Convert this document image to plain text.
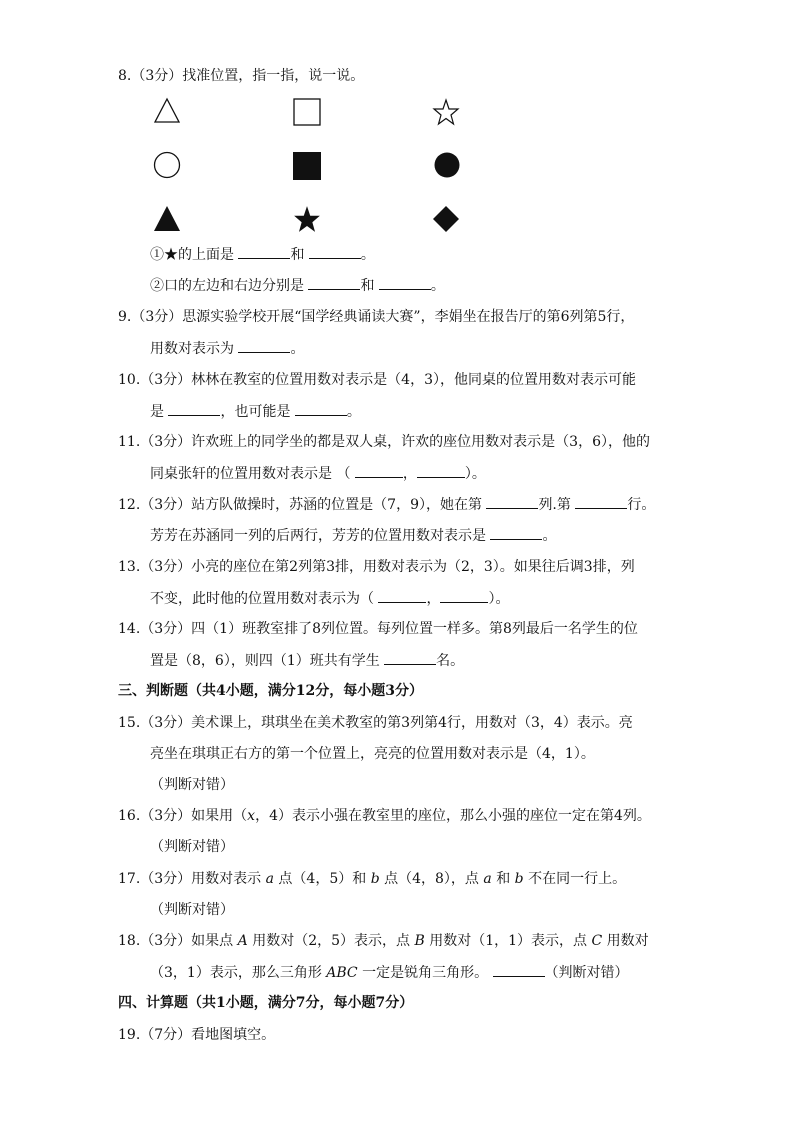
8.（3分）找准位置，指一指，说一说。
①★的上面是	和	。
②口的左边和右边分别是	和	。
9.（3分）思源实验学校开展“国学经典诵读大赛”，李娟坐在报告厅的第6列第5行，
用数对表示为	。
10.（3分）林林在教室的位置用数对表示是（4，3），他同桌的位置用数对表示可能
是	，也可能是	。
11.（3分）许欢班上的同学坐的都是双人桌，许欢的座位用数对表示是（3，6），他的
同桌张轩的位置用数对表示是 （	，	）。
12.（3分）站方队做操时，苏涵的位置是（7，9），她在第	列.第	行。
芳芳在苏涵同一列的后两行，芳芳的位置用数对表示是	。
13.（3分）小亮的座位在第2列第3排，用数对表示为（2，3）。如果往后调3排，列
不变，此时他的位置用数对表示为（	，	）。
14.（3分）四（1）班教室排了8列位置。每列位置一样多。第8列最后一名学生的位
置是（8，6），则四（1）班共有学生	名。
三、判断题（共4小题，满分12分，每小题3分）
15.（3分）美术课上，琪琪坐在美术教室的第3列第4行，用数对（3，4）表示。亮
亮坐在琪琪正右方的第一个位置上，亮亮的位置用数对表示是（4，1）。
（判断对错）
16.（3分）如果用（x，4）表示小强在教室里的座位，那么小强的座位一定在第4列。
（判断对错）
17.（3分）用数对表示 a 点（4，5）和 b 点（4，8），点 a 和 b 不在同一行上。
（判断对错）
18.（3分）如果点 A 用数对（2，5）表示，点 B 用数对（1，1）表示，点 C 用数对
（3，1）表示，那么三角形 ABC 一定是锐角三角形。	（判断对错）
四、计算题（共1小题，满分7分，每小题7分）
19.（7分）看地图填空。
